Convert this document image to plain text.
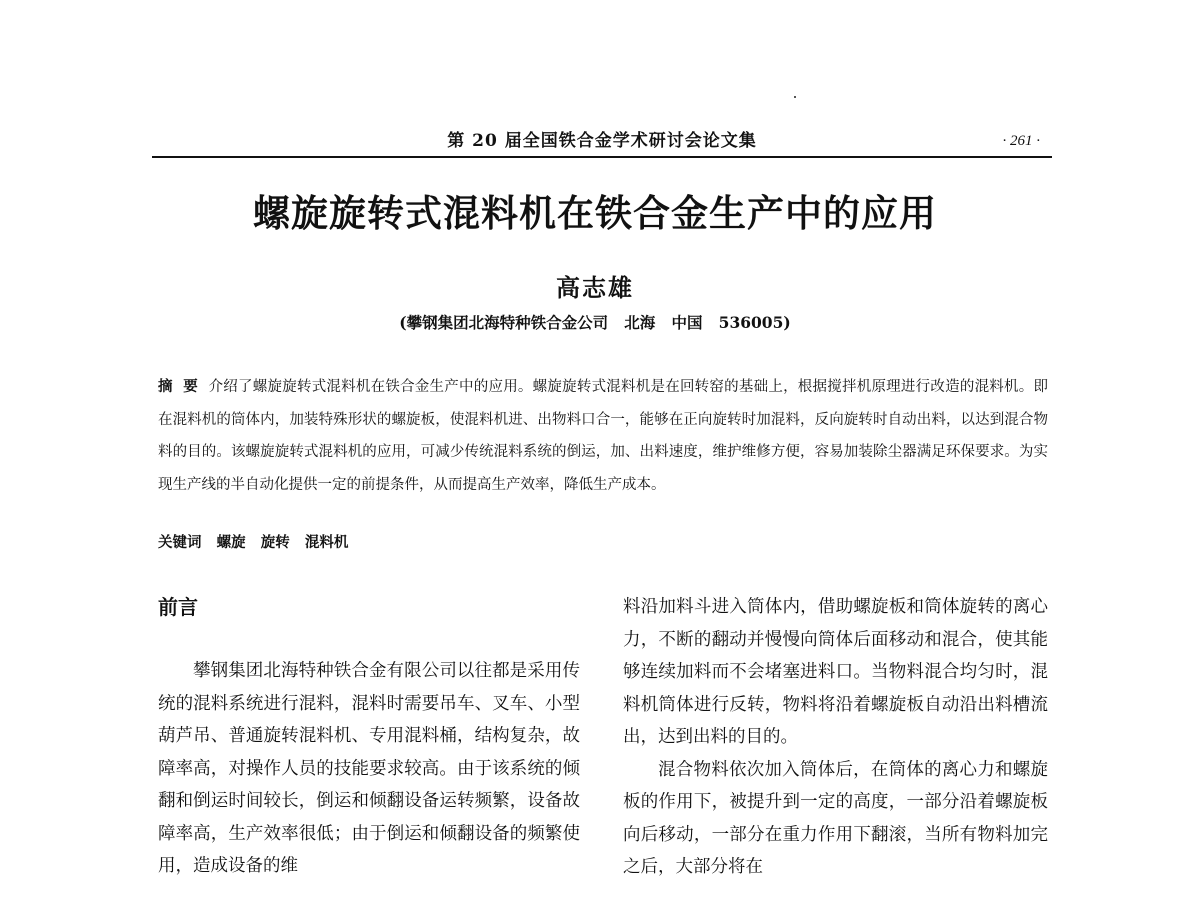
第 20 届全国铁合金学术研讨会论文集	· 261 ·
螺旋旋转式混料机在铁合金生产中的应用
高志雄
(攀钢集团北海特种铁合金公司   北海   中国   536005)
摘  要  介绍了螺旋旋转式混料机在铁合金生产中的应用。螺旋旋转式混料机是在回转窑的基础上，根据搅拌机原理进行改造的混料机。即在混料机的筒体内，加装特殊形状的螺旋板，使混料机进、出物料口合一，能够在正向旋转时加混料，反向旋转时自动出料，以达到混合物料的目的。该螺旋旋转式混料机的应用，可减少传统混料系统的倒运，加、出料速度，维护维修方便，容易加装除尘器满足环保要求。为实现生产线的半自动化提供一定的前提条件，从而提高生产效率，降低生产成本。
关键词   螺旋   旋转   混料机
前言

攀钢集团北海特种铁合金有限公司以往都是采用传统的混料系统进行混料，混料时需要吊车、叉车、小型葫芦吊、普通旋转混料机、专用混料桶，结构复杂，故障率高，对操作人员的技能要求较高。由于该系统的倾翻和倒运时间较长，倒运和倾翻设备运转频繁，设备故障率高，生产效率很低；由于倒运和倾翻设备的频繁使用，造成设备的维

料沿加料斗进入筒体内，借助螺旋板和筒体旋转的离心力，不断的翻动并慢慢向筒体后面移动和混合，使其能够连续加料而不会堵塞进料口。当物料混合均匀时，混料机筒体进行反转，物料将沿着螺旋板自动沿出料槽流出，达到出料的目的。

混合物料依次加入筒体后，在筒体的离心力和螺旋板的作用下，被提升到一定的高度，一部分沿着螺旋板向后移动，一部分在重力作用下翻滚，当所有物料加完之后，大部分将在
